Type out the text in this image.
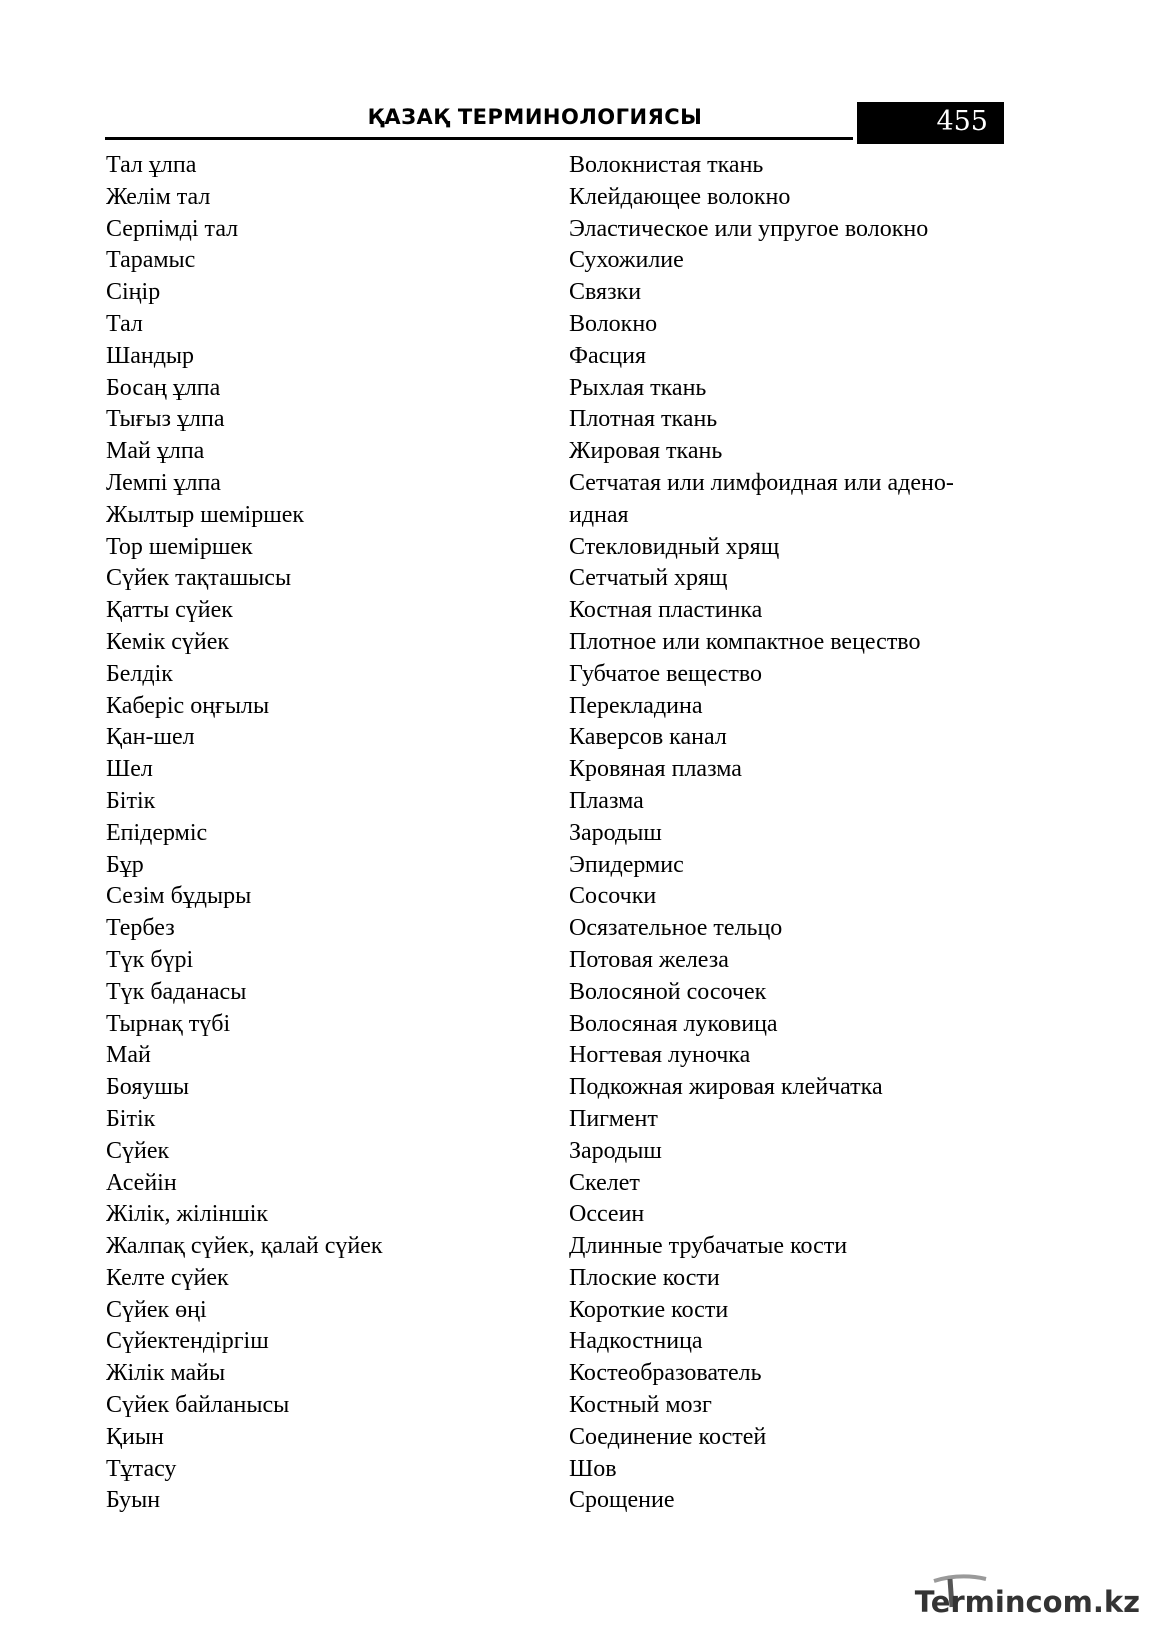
ҚАЗАҚ ТЕРМИНОЛОГИЯСЫ	455
Тал ұлпа
Желім тал
Серпімді тал
Тарамыс
Сіңір
Тал
Шандыр
Босаң ұлпа
Тығыз ұлпа
Май ұлпа
Лемпі ұлпа
Жылтыр шеміршек
Тор шеміршек
Сүйек тақташысы
Қатты сүйек
Кемік сүйек
Белдік
Каберіс оңғылы
Қан-шел
Шел
Бітік
Епідерміс
Бұр
Сезім бұдыры
Тербез
Түк бүрі
Түк баданасы
Тырнақ түбі
Май
Бояушы
Бітік
Сүйек
Асейін
Жілік, жіліншік
Жалпақ сүйек, қалай сүйек
Келте сүйек
Сүйек өңі
Сүйектендіргіш
Жілік майы
Сүйек байланысы
Қиын
Тұтасу
Буын
Волокнистая ткань
Клейдающее волокно
Эластическое или упругое волокно
Сухожилие
Связки
Волокно
Фасция
Рыхлая ткань
Плотная ткань
Жировая ткань
Сетчатая или лимфоидная или адено-
идная
Стекловидный хрящ
Сетчатый хрящ
Костная пластинка
Плотное или компактное вецество
Губчатое вещество
Перекладина
Каверсов канал
Кровяная плазма
Плазма
Зародыш
Эпидермис
Сосочки
Осязательное тельцо
Потовая железа
Волосяной сосочек
Волосяная луковица
Ногтевая луночка
Подкожная жировая клейчатка
Пигмент
Зародыш
Скелет
Оссеин
Длинные трубачатые кости
Плоские кости
Короткие кости
Надкостница
Костеобразователь
Костный мозг
Соединение костей
Шов
Срощение
Termincom.kz
